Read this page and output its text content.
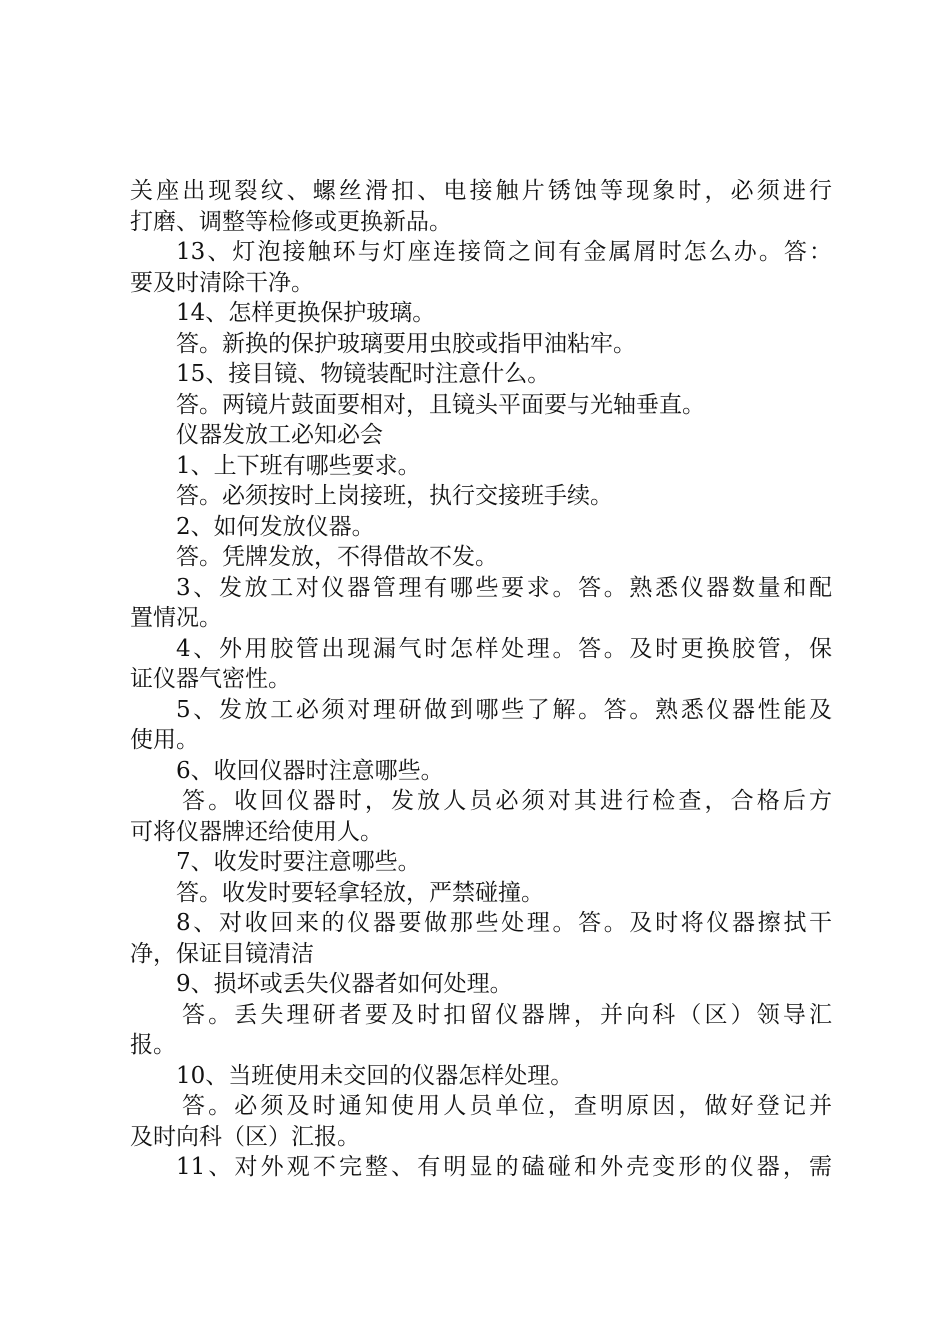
关座出现裂纹、螺丝滑扣、电接触片锈蚀等现象时，必须进行
打磨、调整等检修或更换新品。
13、灯泡接触环与灯座连接筒之间有金属屑时怎么办。答：
要及时清除干净。
14、怎样更换保护玻璃。
答。新换的保护玻璃要用虫胶或指甲油粘牢。
15、接目镜、物镜装配时注意什么。
答。两镜片鼓面要相对，且镜头平面要与光轴垂直。
仪器发放工必知必会
1、上下班有哪些要求。
答。必须按时上岗接班，执行交接班手续。
2、如何发放仪器。
答。凭牌发放，不得借故不发。
3、发放工对仪器管理有哪些要求。答。熟悉仪器数量和配
置情况。
4、外用胶管出现漏气时怎样处理。答。及时更换胶管，保
证仪器气密性。
5、发放工必须对理研做到哪些了解。答。熟悉仪器性能及
使用。
6、收回仪器时注意哪些。
答。收回仪器时，发放人员必须对其进行检查，合格后方
可将仪器牌还给使用人。
7、收发时要注意哪些。
答。收发时要轻拿轻放，严禁碰撞。
8、对收回来的仪器要做那些处理。答。及时将仪器擦拭干
净，保证目镜清洁
9、损坏或丢失仪器者如何处理。
答。丢失理研者要及时扣留仪器牌，并向科（区）领导汇
报。
10、当班使用未交回的仪器怎样处理。
答。必须及时通知使用人员单位，查明原因，做好登记并
及时向科（区）汇报。
11、对外观不完整、有明显的磕碰和外壳变形的仪器，需
